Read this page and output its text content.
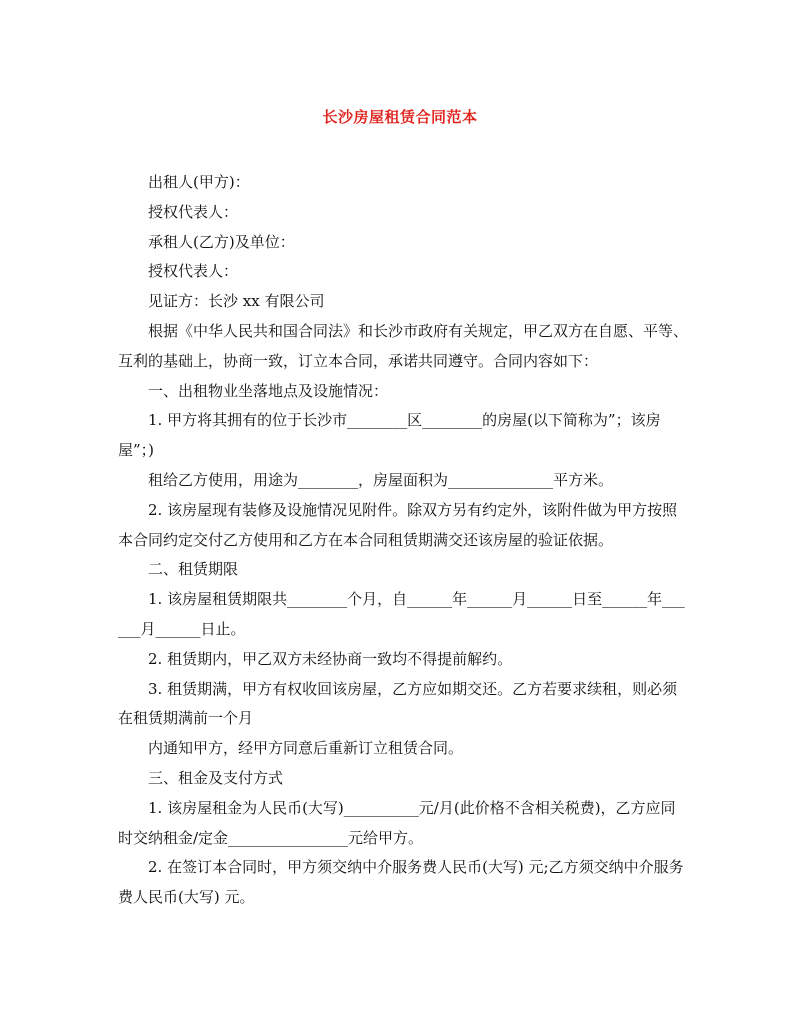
长沙房屋租赁合同范本

出租人(甲方)：

授权代表人：

承租人(乙方)及单位：

授权代表人：

见证方：长沙 xx 有限公司

根据《中华人民共和国合同法》和长沙市政府有关规定，甲乙双方在自愿、平等、互利的基础上，协商一致，订立本合同，承诺共同遵守。合同内容如下：

一、出租物业坐落地点及设施情况：

1. 甲方将其拥有的位于长沙市________区________的房屋(以下简称为”；该房屋”；)

租给乙方使用，用途为________，房屋面积为______________平方米。

2. 该房屋现有装修及设施情况见附件。除双方另有约定外，该附件做为甲方按照本合同约定交付乙方使用和乙方在本合同租赁期满交还该房屋的验证依据。

二、租赁期限

1. 该房屋租赁期限共________个月，自______年______月______日至______年______月______日止。

2. 租赁期内，甲乙双方未经协商一致均不得提前解约。

3. 租赁期满，甲方有权收回该房屋，乙方应如期交还。乙方若要求续租，则必须在租赁期满前一个月

内通知甲方，经甲方同意后重新订立租赁合同。

三、租金及支付方式

1. 该房屋租金为人民币(大写)__________元/月(此价格不含相关税费)，乙方应同时交纳租金/定金________________元给甲方。

2. 在签订本合同时，甲方须交纳中介服务费人民币(大写) 元;乙方须交纳中介服务费人民币(大写) 元。
